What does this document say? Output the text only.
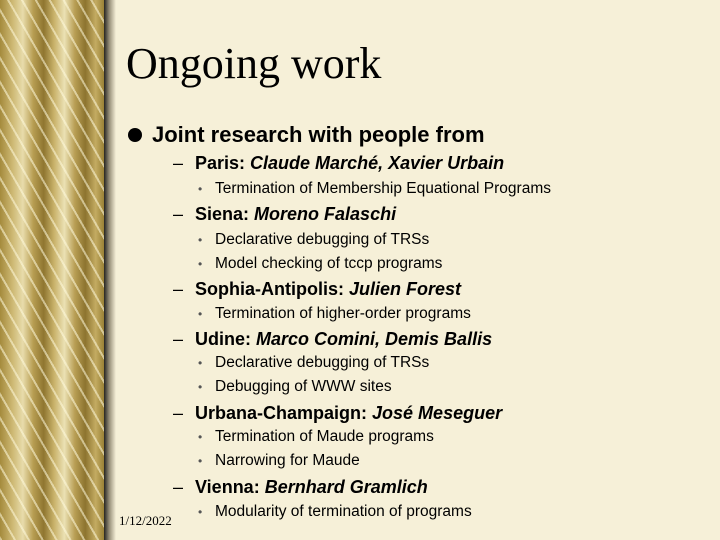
Ongoing work
Joint research with people from
– Paris: Claude Marché, Xavier Urbain
• Termination of Membership Equational Programs
– Siena: Moreno Falaschi
• Declarative debugging of TRSs
• Model checking of tccp programs
– Sophia-Antipolis: Julien Forest
• Termination of higher-order programs
– Udine: Marco Comini, Demis Ballis
• Declarative debugging of TRSs
• Debugging of WWW sites
– Urbana-Champaign: José Meseguer
• Termination of Maude programs
• Narrowing for Maude
– Vienna: Bernhard Gramlich
• Modularity of termination of programs
1/12/2022
